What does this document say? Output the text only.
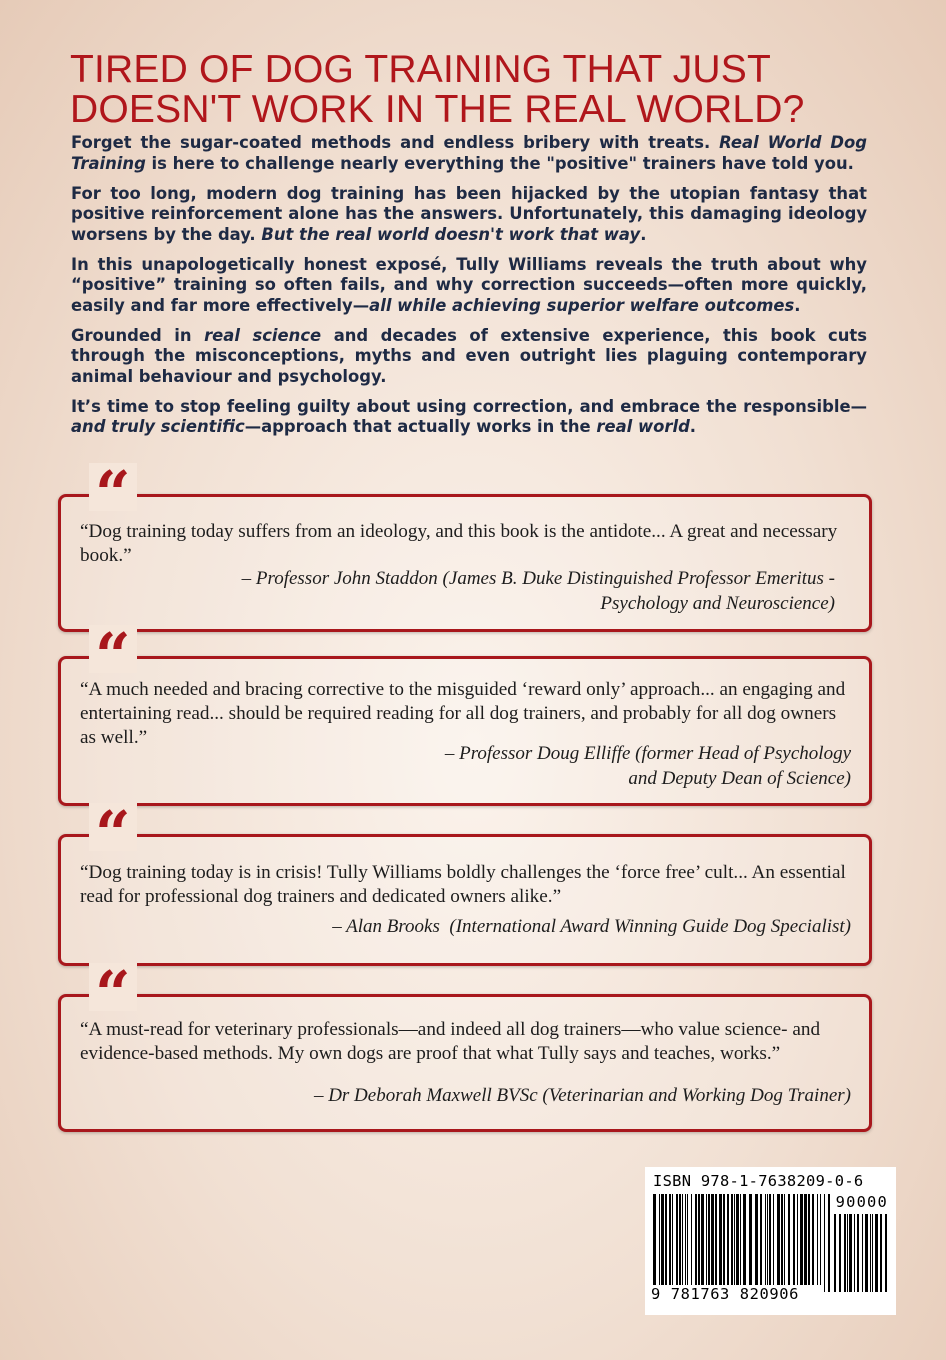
TIRED OF DOG TRAINING THAT JUST DOESN'T WORK IN THE REAL WORLD?

Forget the sugar-coated methods and endless bribery with treats. Real World Dog Training is here to challenge nearly everything the "positive" trainers have told you.

For too long, modern dog training has been hijacked by the utopian fantasy that positive reinforcement alone has the answers. Unfortunately, this damaging ideology worsens by the day. But the real world doesn't work that way.

In this unapologetically honest exposé, Tully Williams reveals the truth about why “positive” training so often fails, and why correction succeeds—often more quickly, easily and far more effectively—all while achieving superior welfare outcomes.

Grounded in real science and decades of extensive experience, this book cuts through the misconceptions, myths and even outright lies plaguing contemporary animal behaviour and psychology.

It’s time to stop feeling guilty about using correction, and embrace the responsible—and truly scientific—approach that actually works in the real world.

“

“Dog training today suffers from an ideology, and this book is the antidote... A great and necessary book.”

– Professor John Staddon (James B. Duke Distinguished Professor Emeritus -

Psychology and Neuroscience)

“

“A much needed and bracing corrective to the misguided ‘reward only’ approach... an engaging and entertaining read... should be required reading for all dog trainers, and probably for all dog owners as well.”

– Professor Doug Elliffe (former Head of Psychology

and Deputy Dean of Science)

“

“Dog training today is in crisis! Tully Williams boldly challenges the ‘force free’ cult... An essential read for professional dog trainers and dedicated owners alike.”

– Alan Brooks  (International Award Winning Guide Dog Specialist)

“

“A must-read for veterinary professionals—and indeed all dog trainers—who value science- and evidence-based methods. My own dogs are proof that what Tully says and teaches, works.”

– Dr Deborah Maxwell BVSc (Veterinarian and Working Dog Trainer)

ISBN 978-1-7638209-0-6
90000
9 781763 820906
